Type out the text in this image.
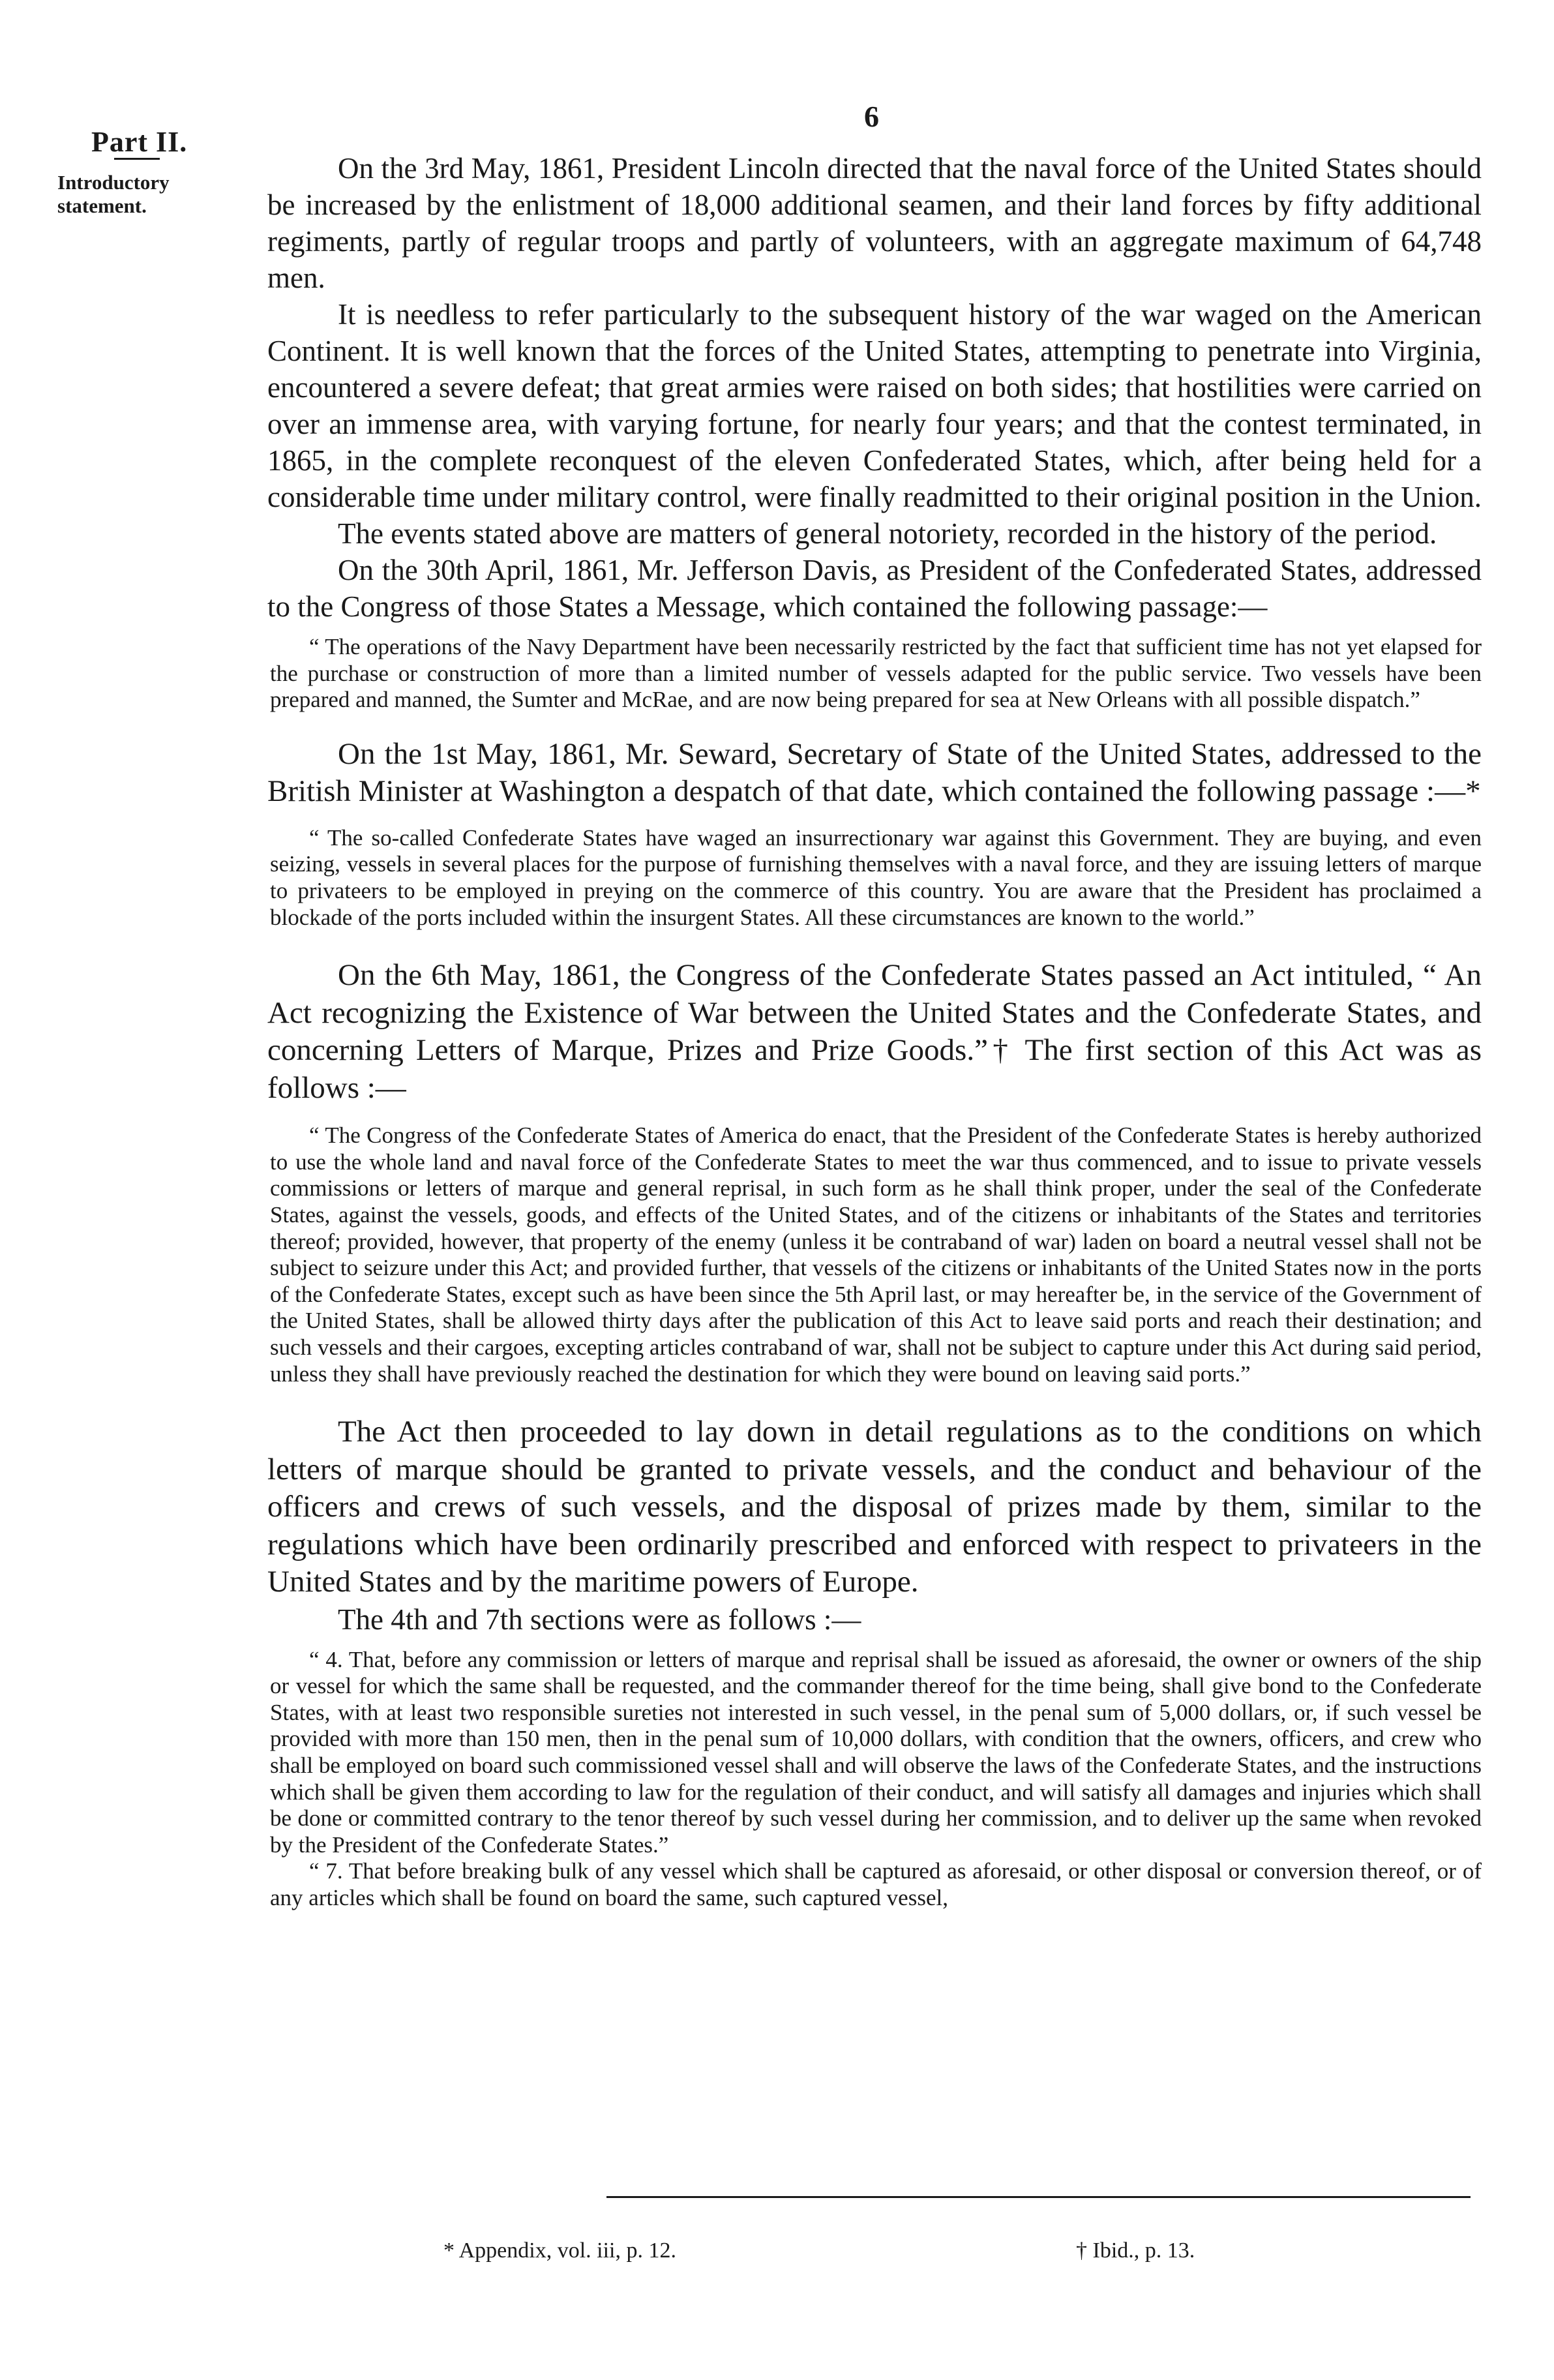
Part II.
Introductory statement.
6

On the 3rd May, 1861, President Lincoln directed that the naval force of the United States should be increased by the enlistment of 18,000 additional seamen, and their land forces by fifty additional regiments, partly of regular troops and partly of volunteers, with an aggregate maximum of 64,748 men.

It is needless to refer particularly to the subsequent history of the war waged on the American Continent. It is well known that the forces of the United States, attempting to penetrate into Virginia, encountered a severe defeat; that great armies were raised on both sides; that hostilities were carried on over an immense area, with varying fortune, for nearly four years; and that the contest terminated, in 1865, in the complete reconquest of the eleven Confederated States, which, after being held for a considerable time under military control, were finally readmitted to their original position in the Union.

The events stated above are matters of general notoriety, recorded in the history of the period.

On the 30th April, 1861, Mr. Jefferson Davis, as President of the Confederated States, addressed to the Congress of those States a Message, which contained the following passage:—

“ The operations of the Navy Department have been necessarily restricted by the fact that sufficient time has not yet elapsed for the purchase or construction of more than a limited number of vessels adapted for the public service. Two vessels have been prepared and manned, the Sumter and McRae, and are now being prepared for sea at New Orleans with all possible dispatch.”

On the 1st May, 1861, Mr. Seward, Secretary of State of the United States, addressed to the British Minister at Washington a despatch of that date, which contained the following passage :—*

“ The so-called Confederate States have waged an insurrectionary war against this Government. They are buying, and even seizing, vessels in several places for the purpose of furnishing themselves with a naval force, and they are issuing letters of marque to privateers to be employed in preying on the commerce of this country. You are aware that the President has proclaimed a blockade of the ports included within the insurgent States. All these circumstances are known to the world.”

On the 6th May, 1861, the Congress of the Confederate States passed an Act intituled, “ An Act recognizing the Existence of War between the United States and the Confederate States, and concerning Letters of Marque, Prizes and Prize Goods.”† The first section of this Act was as follows :—

“ The Congress of the Confederate States of America do enact, that the President of the Confederate States is hereby authorized to use the whole land and naval force of the Confederate States to meet the war thus commenced, and to issue to private vessels commissions or letters of marque and general reprisal, in such form as he shall think proper, under the seal of the Confederate States, against the vessels, goods, and effects of the United States, and of the citizens or inhabitants of the States and territories thereof; provided, however, that property of the enemy (unless it be contraband of war) laden on board a neutral vessel shall not be subject to seizure under this Act; and provided further, that vessels of the citizens or inhabitants of the United States now in the ports of the Confederate States, except such as have been since the 5th April last, or may hereafter be, in the service of the Government of the United States, shall be allowed thirty days after the publication of this Act to leave said ports and reach their destination; and such vessels and their cargoes, excepting articles contraband of war, shall not be subject to capture under this Act during said period, unless they shall have previously reached the destination for which they were bound on leaving said ports.”

The Act then proceeded to lay down in detail regulations as to the conditions on which letters of marque should be granted to private vessels, and the conduct and behaviour of the officers and crews of such vessels, and the disposal of prizes made by them, similar to the regulations which have been ordinarily prescribed and enforced with respect to privateers in the United States and by the maritime powers of Europe.

The 4th and 7th sections were as follows :—

“ 4. That, before any commission or letters of marque and reprisal shall be issued as aforesaid, the owner or owners of the ship or vessel for which the same shall be requested, and the commander thereof for the time being, shall give bond to the Confederate States, with at least two responsible sureties not interested in such vessel, in the penal sum of 5,000 dollars, or, if such vessel be provided with more than 150 men, then in the penal sum of 10,000 dollars, with condition that the owners, officers, and crew who shall be employed on board such commissioned vessel shall and will observe the laws of the Confederate States, and the instructions which shall be given them according to law for the regulation of their conduct, and will satisfy all damages and injuries which shall be done or committed contrary to the tenor thereof by such vessel during her commission, and to deliver up the same when revoked by the President of the Confederate States.”

“ 7. That before breaking bulk of any vessel which shall be captured as aforesaid, or other disposal or conversion thereof, or of any articles which shall be found on board the same, such captured vessel,

* Appendix, vol. iii, p. 12.	† Ibid., p. 13.
